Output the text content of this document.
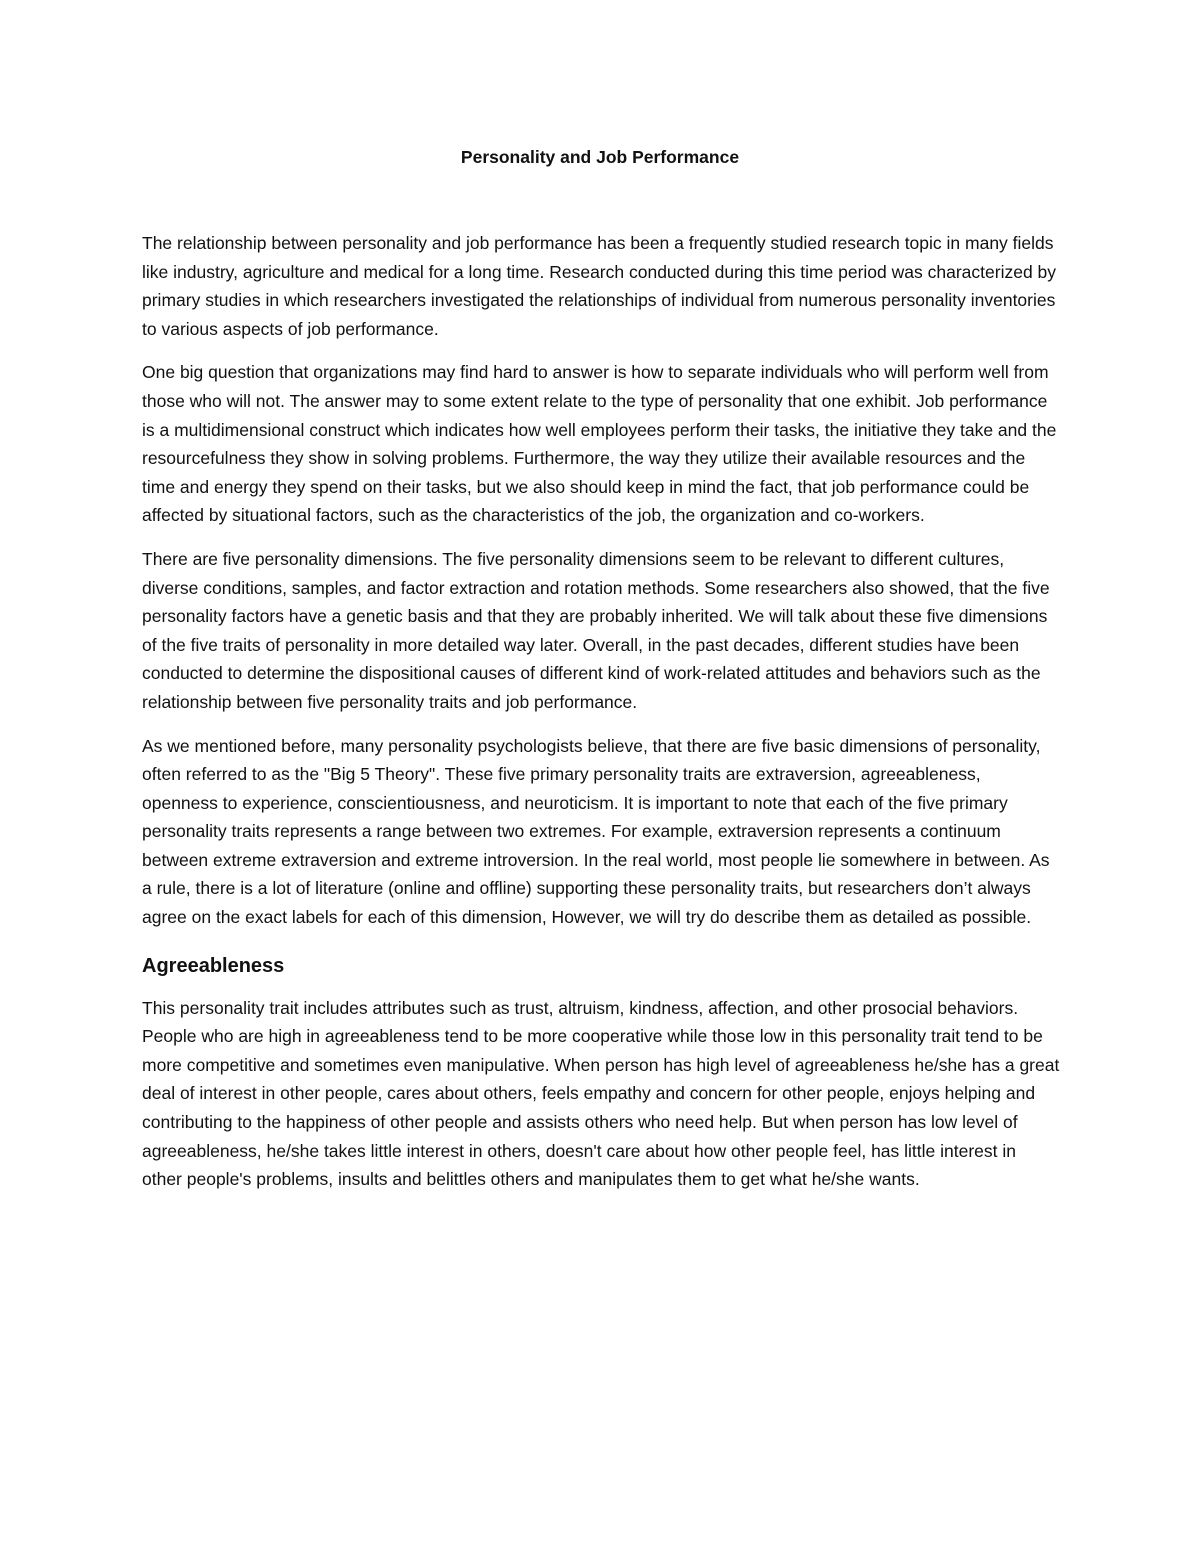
Personality and Job Performance

The relationship between personality and job performance has been a frequently studied research topic in many fields like industry, agriculture and medical for a long time. Research conducted during this time period was characterized by primary studies in which researchers investigated the relationships of individual from numerous personality inventories to various aspects of job performance.

One big question that organizations may find hard to answer is how to separate individuals who will perform well from those who will not. The answer may to some extent relate to the type of personality that one exhibit. Job performance is a multidimensional construct which indicates how well employees perform their tasks, the initiative they take and the resourcefulness they show in solving problems. Furthermore, the way they utilize their available resources and the time and energy they spend on their tasks, but we also should keep in mind the fact, that job performance could be affected by situational factors, such as the characteristics of the job, the organization and co-workers.

There are five personality dimensions. The five personality dimensions seem to be relevant to different cultures, diverse conditions, samples, and factor extraction and rotation methods. Some researchers also showed, that the five personality factors have a genetic basis and that they are probably inherited. We will talk about these five dimensions of the five traits of personality in more detailed way later. Overall, in the past decades, different studies have been conducted to determine the dispositional causes of different kind of work-related attitudes and behaviors such as the relationship between five personality traits and job performance.

As we mentioned before, many personality psychologists believe, that there are five basic dimensions of personality, often referred to as the "Big 5 Theory". These five primary personality traits are extraversion, agreeableness, openness to experience, conscientiousness, and neuroticism. It is important to note that each of the five primary personality traits represents a range between two extremes. For example, extraversion represents a continuum between extreme extraversion and extreme introversion. In the real world, most people lie somewhere in between. As a rule, there is a lot of literature (online and offline) supporting these personality traits, but researchers don’t always agree on the exact labels for each of this dimension, However, we will try do describe them as detailed as possible.

Agreeableness

This personality trait includes attributes such as trust, altruism, kindness, affection, and other prosocial behaviors. People who are high in agreeableness tend to be more cooperative while those low in this personality trait tend to be more competitive and sometimes even manipulative. When person has high level of agreeableness he/she has a great deal of interest in other people, cares about others, feels empathy and concern for other people, enjoys helping and contributing to the happiness of other people and assists others who need help. But when person has low level of agreeableness, he/she takes little interest in others, doesn't care about how other people feel, has little interest in other people's problems, insults and belittles others and manipulates them to get what he/she wants.
